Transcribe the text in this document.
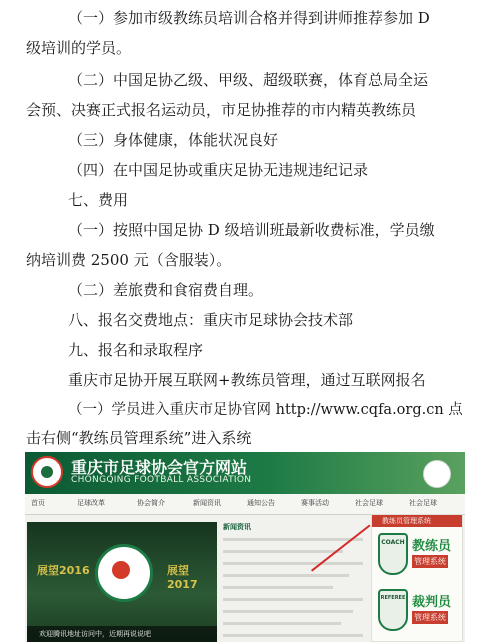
（一）参加市级教练员培训合格并得到讲师推荐参加 D
级培训的学员。
（二）中国足协乙级、甲级、超级联赛，体育总局全运
会预、决赛正式报名运动员，市足协推荐的市内精英教练员
（三）身体健康，体能状况良好
（四）在中国足协或重庆足协无违规违纪记录
七、费用
（一）按照中国足协 D 级培训班最新收费标准，学员缴
纳培训费 2500 元（含服装）。
（二）差旅费和食宿费自理。
八、报名交费地点：重庆市足球协会技术部
九、报名和录取程序
重庆市足协开展互联网+教练员管理，通过互联网报名
（一）学员进入重庆市足协官网 http://www.cqfa.org.cn 点
击右侧“教练员管理系统”进入系统
重庆市足球协会官方网站
CHONGQING FOOTBALL ASSOCIATION
首页	足球改革	协会简介	新闻资讯	通知公告	赛事活动	社会足球	社会足球
展望2016	展望2017
欢迎腾讯地址访问中，近期再说说吧
新闻资讯
教练员管理系统
COACH 教练员
管理系统
REFEREE 裁判员
管理系统
